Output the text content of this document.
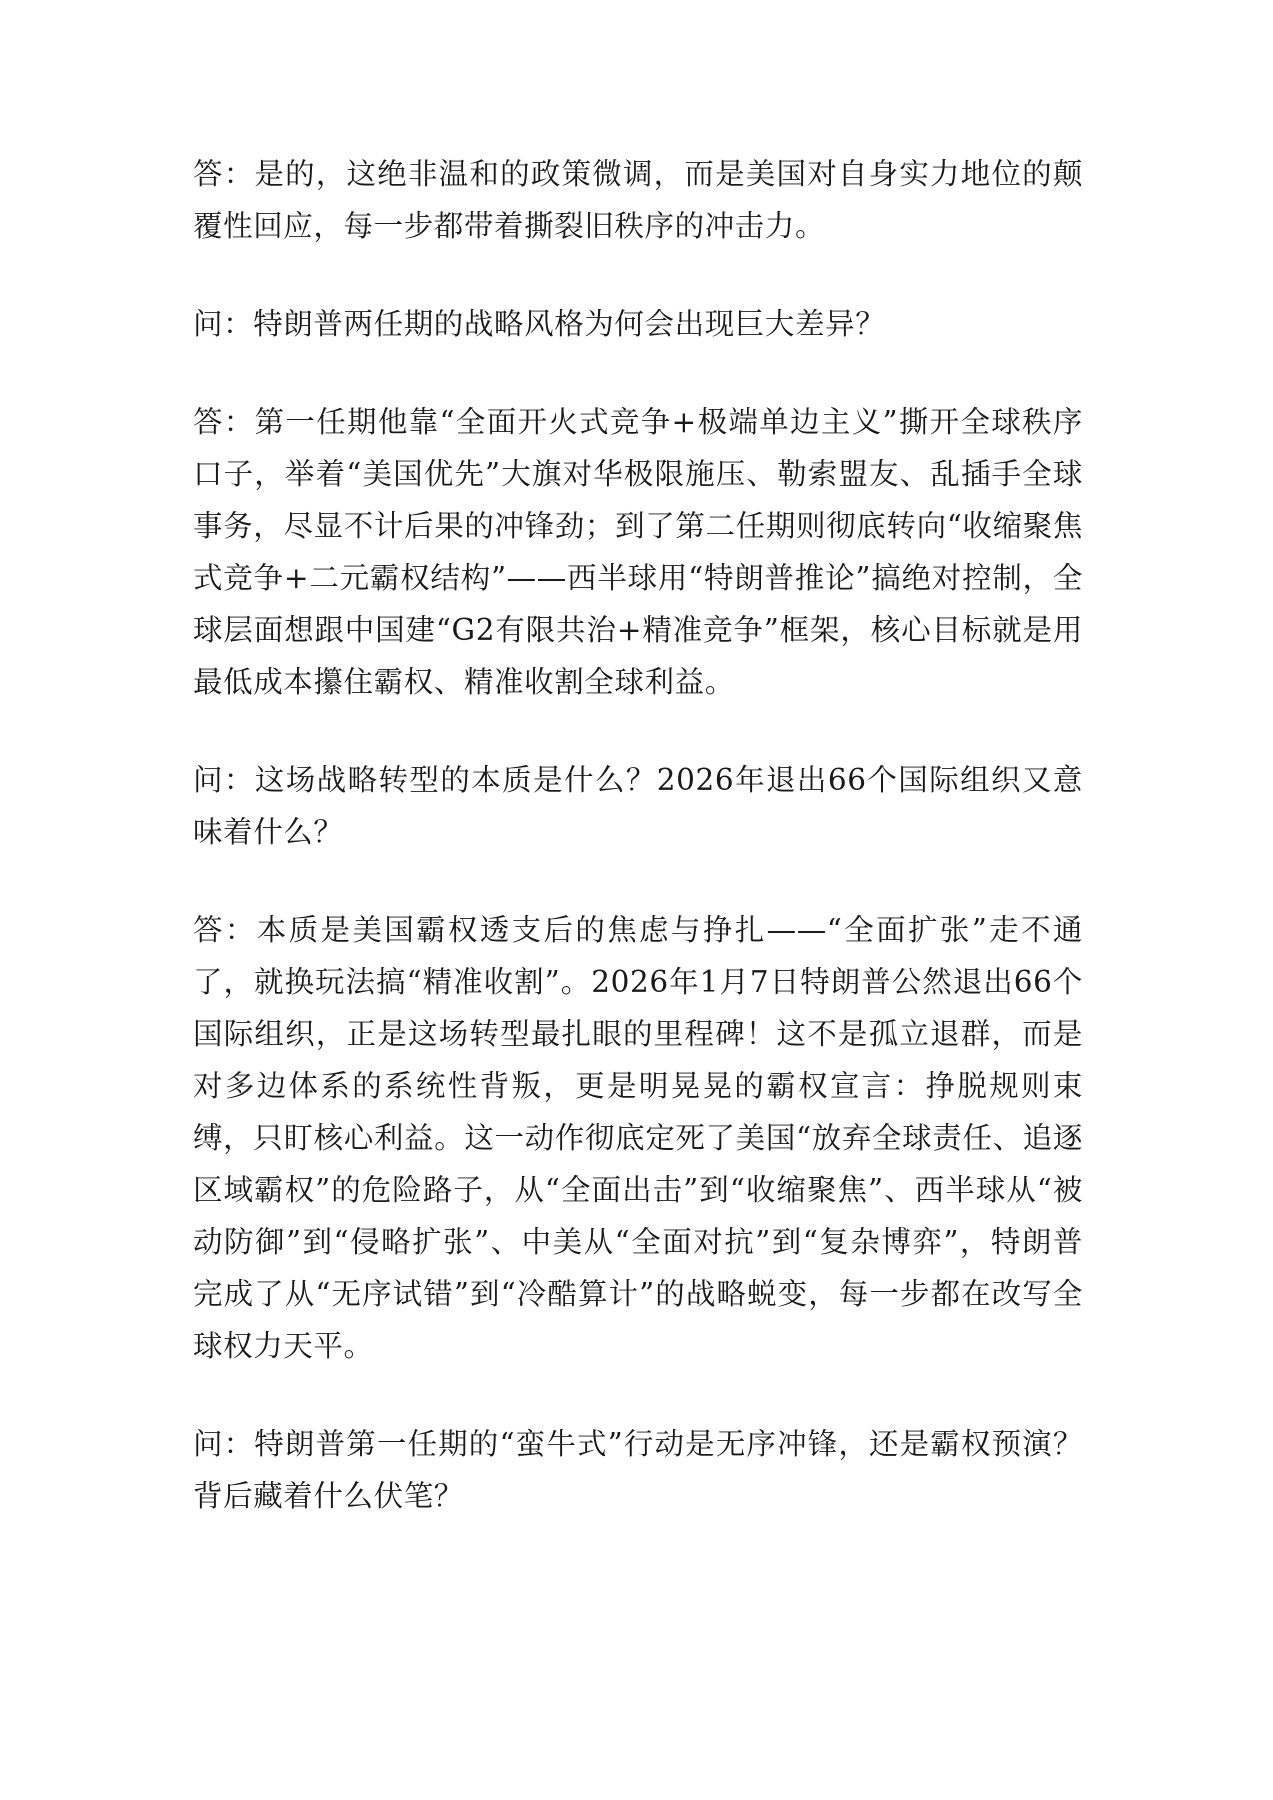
答：是的，这绝非温和的政策微调，而是美国对自身实力地位的颠覆性回应，每一步都带着撕裂旧秩序的冲击力。

问：特朗普两任期的战略风格为何会出现巨大差异？

答：第一任期他靠“全面开火式竞争+极端单边主义”撕开全球秩序口子，举着“美国优先”大旗对华极限施压、勒索盟友、乱插手全球事务，尽显不计后果的冲锋劲；到了第二任期则彻底转向“收缩聚焦式竞争+二元霸权结构”——西半球用“特朗普推论”搞绝对控制，全球层面想跟中国建“G2有限共治+精准竞争”框架，核心目标就是用最低成本攥住霸权、精准收割全球利益。

问：这场战略转型的本质是什么？2026年退出66个国际组织又意味着什么？

答：本质是美国霸权透支后的焦虑与挣扎——“全面扩张”走不通了，就换玩法搞“精准收割”。2026年1月7日特朗普公然退出66个国际组织，正是这场转型最扎眼的里程碑！这不是孤立退群，而是对多边体系的系统性背叛，更是明晃晃的霸权宣言：挣脱规则束缚，只盯核心利益。这一动作彻底定死了美国“放弃全球责任、追逐区域霸权”的危险路子，从“全面出击”到“收缩聚焦”、西半球从“被动防御”到“侵略扩张”、中美从“全面对抗”到“复杂博弈”，特朗普完成了从“无序试错”到“冷酷算计”的战略蜕变，每一步都在改写全球权力天平。

问：特朗普第一任期的“蛮牛式”行动是无序冲锋，还是霸权预演？背后藏着什么伏笔？
